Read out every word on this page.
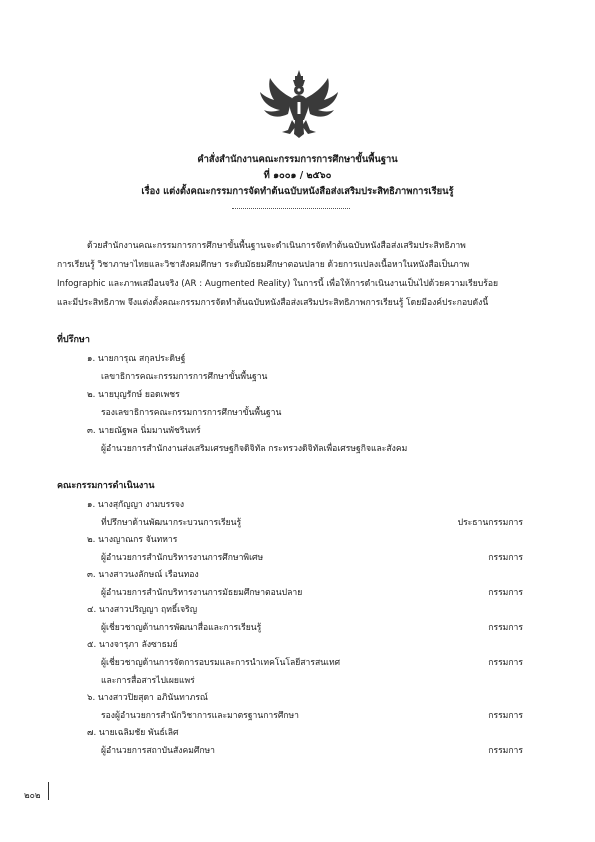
คำสั่งสำนักงานคณะกรรมการการศึกษาขั้นพื้นฐาน
ที่ ๑๐๐๑ / ๒๕๖๐
เรื่อง แต่งตั้งคณะกรรมการจัดทำต้นฉบับหนังสือส่งเสริมประสิทธิภาพการเรียนรู้
ด้วยสำนักงานคณะกรรมการการศึกษาขั้นพื้นฐานจะดำเนินการจัดทำต้นฉบับหนังสือส่งเสริมประสิทธิภาพ
การเรียนรู้ วิชาภาษาไทยและวิชาสังคมศึกษา ระดับมัธยมศึกษาตอนปลาย ด้วยการแปลงเนื้อหาในหนังสือเป็นภาพ
Infographic และภาพเสมือนจริง (AR : Augmented Reality) ในการนี้ เพื่อให้การดำเนินงานเป็นไปด้วยความเรียบร้อย
และมีประสิทธิภาพ จึงแต่งตั้งคณะกรรมการจัดทำต้นฉบับหนังสือส่งเสริมประสิทธิภาพการเรียนรู้ โดยมีองค์ประกอบดังนี้
ที่ปรึกษา
๑. นายการุณ สกุลประดิษฐ์
เลขาธิการคณะกรรมการการศึกษาขั้นพื้นฐาน
๒. นายบุญรักษ์ ยอดเพชร
รองเลขาธิการคณะกรรมการการศึกษาขั้นพื้นฐาน
๓. นายณัฐพล นิ่มมานพัชรินทร์
ผู้อำนวยการสำนักงานส่งเสริมเศรษฐกิจดิจิทัล กระทรวงดิจิทัลเพื่อเศรษฐกิจและสังคม
คณะกรรมการดำเนินงาน
๑. นางสุกัญญา งามบรรจง
ที่ปรึกษาด้านพัฒนากระบวนการเรียนรู้	ประธานกรรมการ
๒. นางญาณกร จันทหาร
ผู้อำนวยการสำนักบริหารงานการศึกษาพิเศษ	กรรมการ
๓. นางสาวนงลักษณ์ เรือนทอง
ผู้อำนวยการสำนักบริหารงานการมัธยมศึกษาตอนปลาย	กรรมการ
๔. นางสาวปริญญา ฤทธิ์เจริญ
ผู้เชี่ยวชาญด้านการพัฒนาสื่อและการเรียนรู้	กรรมการ
๕. นางจารุภา ลังซาธมย์
ผู้เชี่ยวชาญด้านการจัดการอบรมและการนำเทคโนโลยีสารสนเทศ	กรรมการ
และการสื่อสารไปเผยแพร่
๖. นางสาวปิยสุดา อภินันทาภรณ์
รองผู้อำนวยการสำนักวิชาการและมาตรฐานการศึกษา	กรรมการ
๗. นายเฉลิมชัย พันธ์เลิศ
ผู้อำนวยการสถาบันสังคมศึกษา	กรรมการ
๒๐๒
